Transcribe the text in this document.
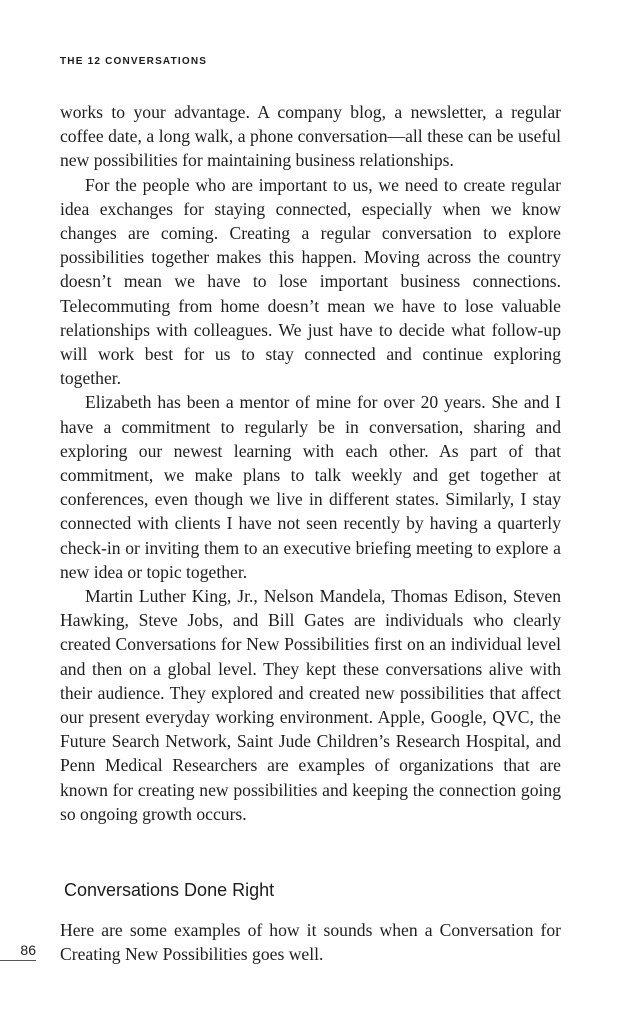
THE 12 CONVERSATIONS

works to your advantage. A company blog, a newsletter, a regular coffee date, a long walk, a phone conversation—all these can be useful new possibilities for maintaining business relationships.

For the people who are important to us, we need to create regular idea exchanges for staying connected, especially when we know changes are coming. Creating a regular conversation to explore possibilities together makes this happen. Moving across the country doesn’t mean we have to lose important business connections. Telecommuting from home doesn’t mean we have to lose valuable relationships with colleagues. We just have to decide what follow-up will work best for us to stay connected and continue exploring together.

Elizabeth has been a mentor of mine for over 20 years. She and I have a commitment to regularly be in conversation, sharing and exploring our newest learning with each other. As part of that commitment, we make plans to talk weekly and get together at conferences, even though we live in different states. Similarly, I stay connected with clients I have not seen recently by having a quarterly check-in or inviting them to an executive briefing meeting to explore a new idea or topic together.

Martin Luther King, Jr., Nelson Mandela, Thomas Edison, Steven Hawking, Steve Jobs, and Bill Gates are individuals who clearly created Conversations for New Possibilities first on an individual level and then on a global level. They kept these conversations alive with their audience. They explored and created new possibilities that affect our present everyday working environment. Apple, Google, QVC, the Future Search Network, Saint Jude Children’s Research Hospital, and Penn Medical Researchers are examples of organizations that are known for creating new possibilities and keeping the connection going so ongoing growth occurs.

Conversations Done Right

Here are some examples of how it sounds when a Conversation for Creating New Possibilities goes well.

86
